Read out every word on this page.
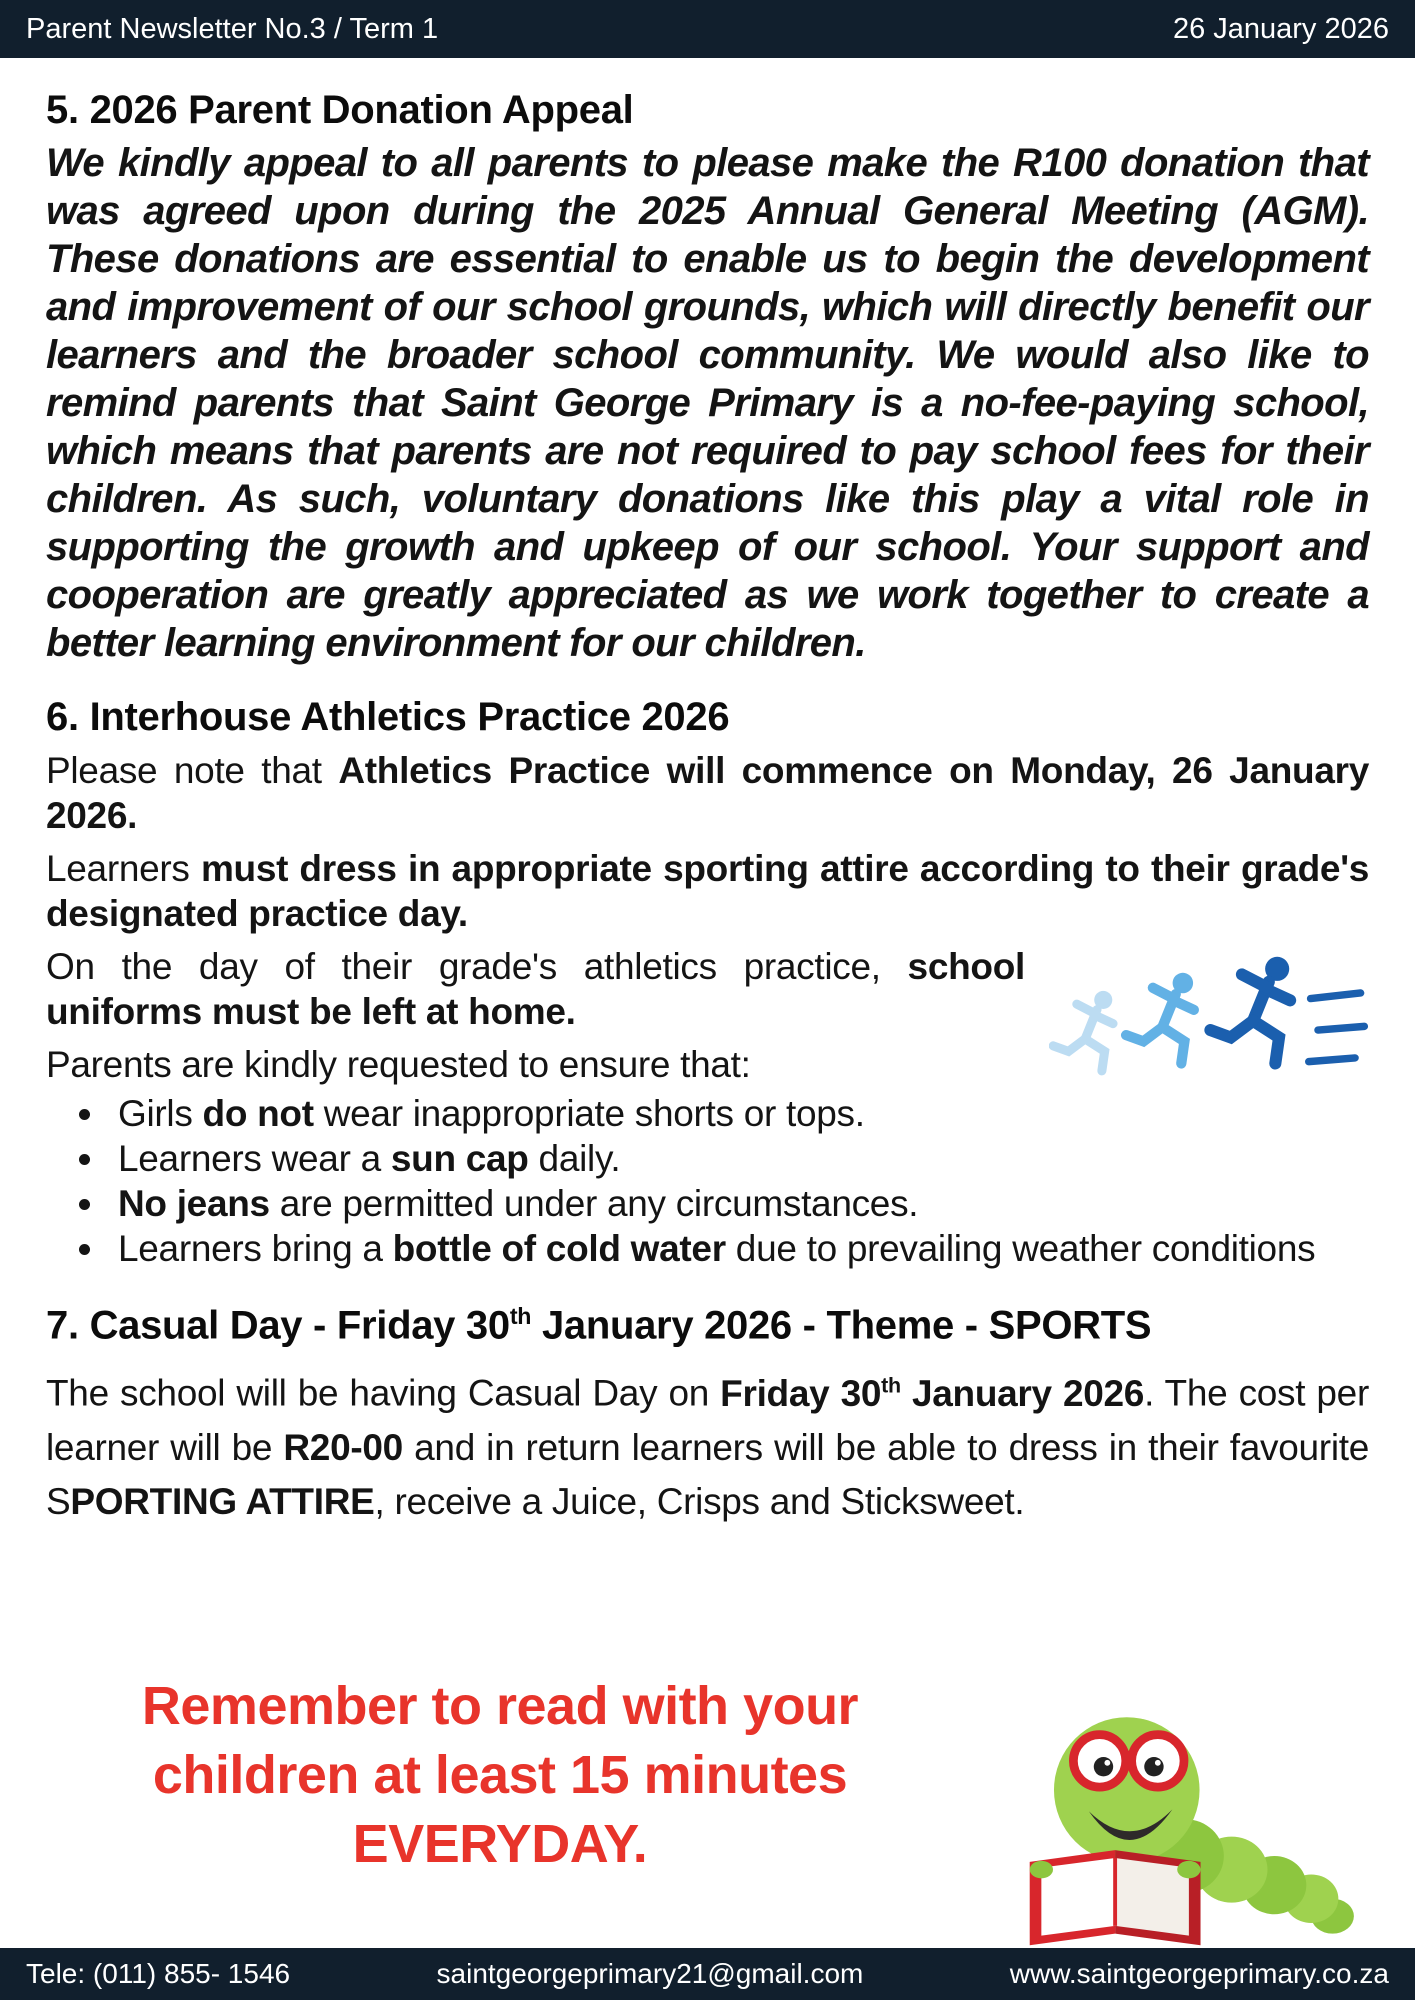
Parent Newsletter No.3 / Term 1	26 January 2026
5. 2026 Parent Donation Appeal

We kindly appeal to all parents to please make the R100 donation that was agreed upon during the 2025 Annual General Meeting (AGM). These donations are essential to enable us to begin the development and improvement of our school grounds, which will directly benefit our learners and the broader school community. We would also like to remind parents that Saint George Primary is a no-fee-paying school, which means that parents are not required to pay school fees for their children. As such, voluntary donations like this play a vital role in supporting the growth and upkeep of our school. Your support and cooperation are greatly appreciated as we work together to create a better learning environment for our children.

6. Interhouse Athletics Practice 2026

Please note that Athletics Practice will commence on Monday, 26 January 2026.

Learners must dress in appropriate sporting attire according to their grade's designated practice day.

On the day of their grade's athletics practice, school uniforms must be left at home.

Parents are kindly requested to ensure that:

• Girls do not wear inappropriate shorts or tops.
• Learners wear a sun cap daily.
• No jeans are permitted under any circumstances.
• Learners bring a bottle of cold water due to prevailing weather conditions
7. Casual Day - Friday 30th January 2026 - Theme - SPORTS

The school will be having Casual Day on Friday 30th January 2026. The cost per learner will be R20-00 and in return learners will be able to dress in their favourite SPORTING ATTIRE, receive a Juice, Crisps and Sticksweet.

Remember to read with your
children at least 15 minutes
EVERYDAY.
Tele: (011) 855- 1546	saintgeorgeprimary21@gmail.com	www.saintgeorgeprimary.co.za
